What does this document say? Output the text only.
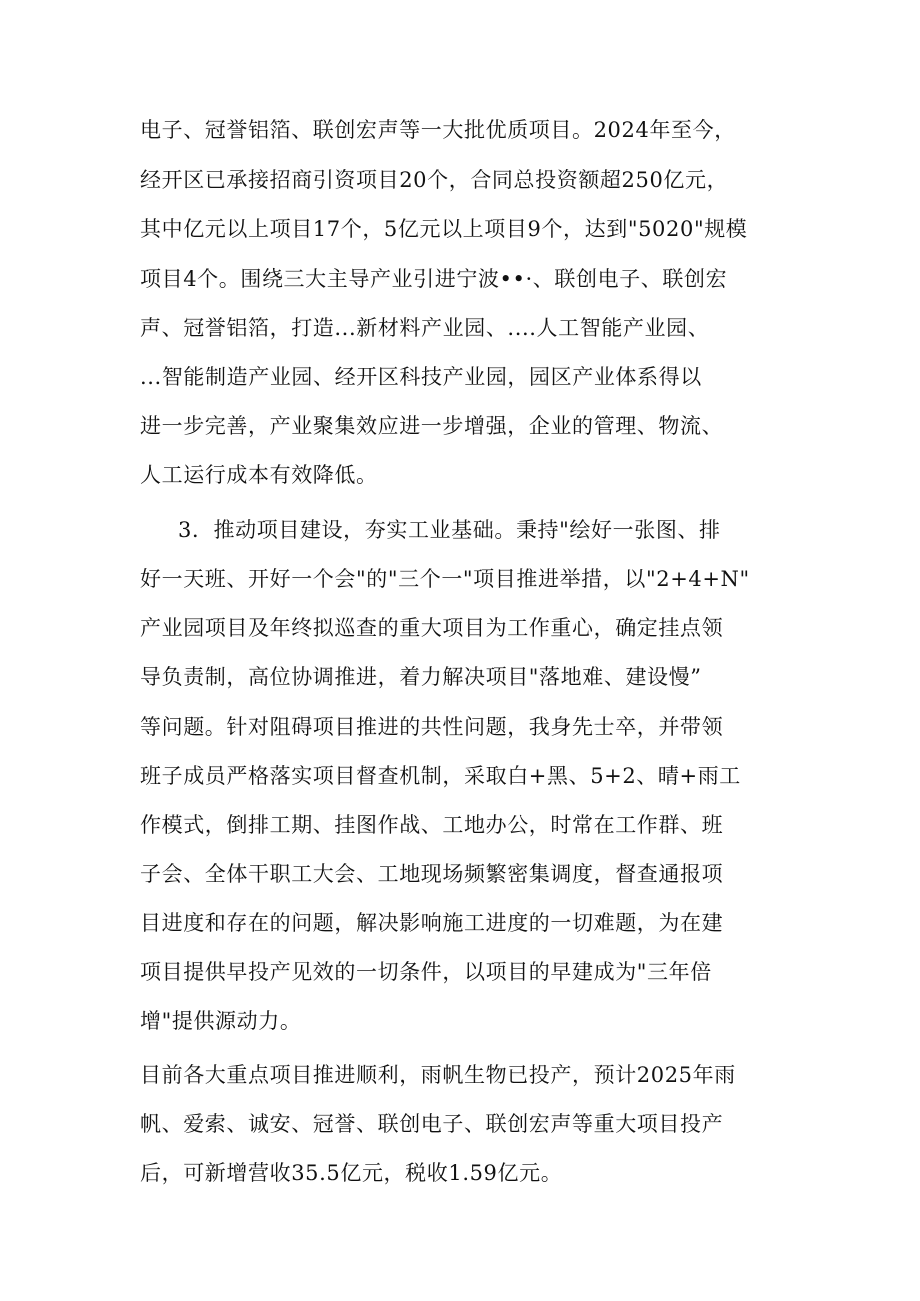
电子、冠誉铝箔、联创宏声等一大批优质项目。2024年至今，
经开区已承接招商引资项目20个，合同总投资额超250亿元，
其中亿元以上项目17个，5亿元以上项目9个，达到"5020"规模
项目4个。围绕三大主导产业引进宁波••·、联创电子、联创宏
声、冠誉铝箔，打造...新材料产业园、....人工智能产业园、
...智能制造产业园、经开区科技产业园，园区产业体系得以
进一步完善，产业聚集效应进一步增强，企业的管理、物流、
人工运行成本有效降低。
3．推动项目建设，夯实工业基础。秉持"绘好一张图、排
好一天班、开好一个会"的"三个一"项目推进举措，以"2+4+N"
产业园项目及年终拟巡查的重大项目为工作重心，确定挂点领
导负责制，高位协调推进，着力解决项目"落地难、建设慢”
等问题。针对阻碍项目推进的共性问题，我身先士卒，并带领
班子成员严格落实项目督查机制，采取白+黑、5+2、晴+雨工
作模式，倒排工期、挂图作战、工地办公，时常在工作群、班
子会、全体干职工大会、工地现场频繁密集调度，督查通报项
目进度和存在的问题，解决影响施工进度的一切难题，为在建
项目提供早投产见效的一切条件，以项目的早建成为"三年倍
增"提供源动力。
目前各大重点项目推进顺利，雨帆生物已投产，预计2025年雨
帆、爱索、诚安、冠誉、联创电子、联创宏声等重大项目投产
后，可新增营收35.5亿元，税收1.59亿元。
